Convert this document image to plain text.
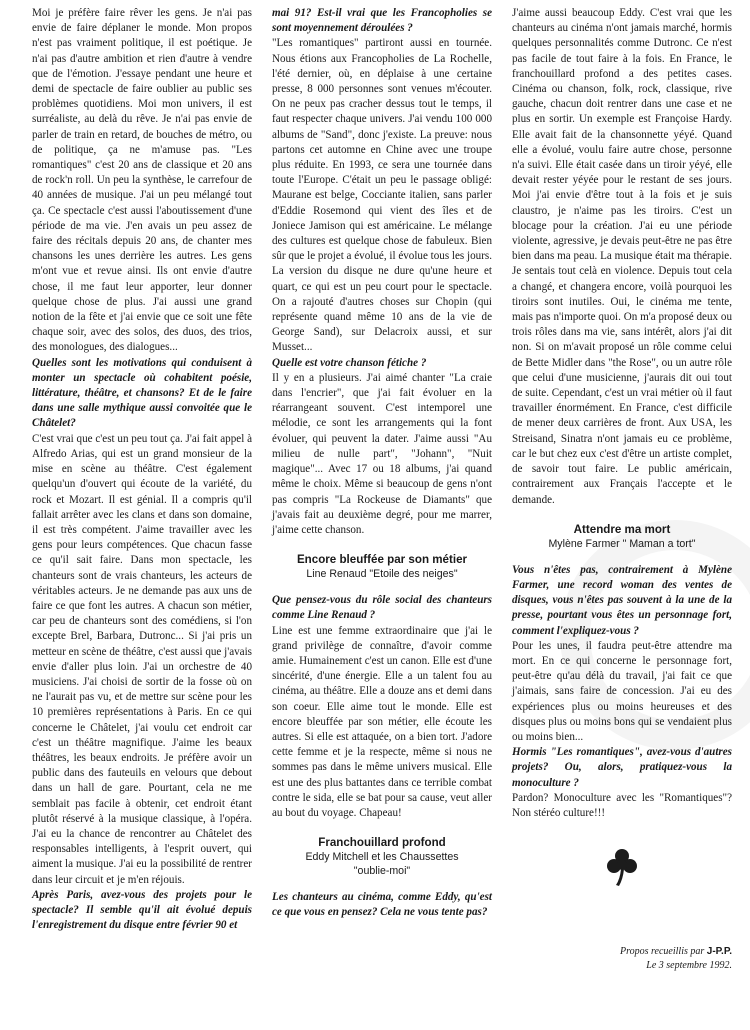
Moi je préfère faire rêver les gens. Je n'ai pas envie de faire déplaner le monde. Mon propos n'est pas vraiment politique, il est poétique. Je n'ai pas d'autre ambition et rien d'autre à vendre que de l'émotion. J'essaye pendant une heure et demi de spectacle de faire oublier au public ses problèmes quotidiens. Moi mon univers, il est surréaliste, au delà du rêve. Je n'ai pas envie de parler de train en retard, de bouches de métro, ou de politique, ça ne m'amuse pas. "Les romantiques" c'est 20 ans de classique et 20 ans de rock'n roll. Un peu la synthèse, le carrefour de 40 années de musique. J'ai un peu mélangé tout ça. Ce spectacle c'est aussi l'aboutissement d'une période de ma vie. J'en avais un peu assez de faire des récitals depuis 20 ans, de chanter mes chansons les unes derrière les autres. Les gens m'ont vue et revue ainsi. Ils ont envie d'autre chose, il me faut leur apporter, leur donner quelque chose de plus. J'ai aussi une grand notion de la fête et j'ai envie que ce soit une fête chaque soir, avec des solos, des duos, des trios, des monologues, des dialogues...

Quelles sont les motivations qui conduisent à monter un spectacle où cohabitent poésie, littérature, théâtre, et chansons? Et de le faire dans une salle mythique aussi convoitée que le Châtelet?

C'est vrai que c'est un peu tout ça. J'ai fait appel à Alfredo Arias, qui est un grand monsieur de la mise en scène au théâtre. C'est également quelqu'un d'ouvert qui écoute de la variété, du rock et Mozart. Il est génial. Il a compris qu'il fallait arrêter avec les clans et dans son domaine, il est très compétent. J'aime travailler avec les gens pour leurs compétences. Que chacun fasse ce qu'il sait faire. Dans mon spectacle, les chanteurs sont de vrais chanteurs, les acteurs de véritables acteurs. Je ne demande pas aux uns de faire ce que font les autres. A chacun son métier, car peu de chanteurs sont des comédiens, si l'on excepte Brel, Barbara, Dutronc... Si j'ai pris un metteur en scène de théâtre, c'est aussi que j'avais envie d'aller plus loin. J'ai un orchestre de 40 musiciens. J'ai choisi de sortir de la fosse où on ne l'aurait pas vu, et de mettre sur scène pour les 10 premières représentations à Paris. En ce qui concerne le Châtelet, j'ai voulu cet endroit car c'est un théâtre magnifique. J'aime les beaux théâtres, les beaux endroits. Je préfère avoir un public dans des fauteuils en velours que debout dans un hall de gare. Pourtant, cela ne me semblait pas facile à obtenir, cet endroit étant plutôt réservé à la musique classique, à l'opéra. J'ai eu la chance de rencontrer au Châtelet des responsables intelligents, à l'esprit ouvert, qui aiment la musique. J'ai eu la possibilité de rentrer dans leur circuit et je m'en réjouis.

Après Paris, avez-vous des projets pour le spectacle? Il semble qu'il ait évolué depuis l'enregistrement du disque entre février 90 et

mai 91? Est-il vrai que les Francopholies se sont moyennement déroulées ?

"Les romantiques" partiront aussi en tournée. Nous étions aux Francopholies de La Rochelle, l'été dernier, où, en déplaise à une certaine presse, 8 000 personnes sont venues m'écouter. On ne peux pas cracher dessus tout le temps, il faut respecter chaque univers. J'ai vendu 100 000 albums de "Sand", donc j'existe. La preuve: nous partons cet automne en Chine avec une troupe plus réduite. En 1993, ce sera une tournée dans toute l'Europe. C'était un peu le passage obligé: Maurane est belge, Cocciante italien, sans parler d'Eddie Rosemond qui vient des îles et de Joniece Jamison qui est américaine. Le mélange des cultures est quelque chose de fabuleux. Bien sûr que le projet a évolué, il évolue tous les jours. La version du disque ne dure qu'une heure et quart, ce qui est un peu court pour le spectacle. On a rajouté d'autres choses sur Chopin (qui représente quand même 10 ans de la vie de George Sand), sur Delacroix aussi, et sur Musset...

Quelle est votre chanson fétiche ?

Il y en a plusieurs. J'ai aimé chanter "La craie dans l'encrier", que j'ai fait évoluer en la réarrangeant souvent. C'est intemporel une mélodie, ce sont les arrangements qui la font évoluer, qui peuvent la dater. J'aime aussi "Au milieu de nulle part", "Johann", "Nuit magique"... Avec 17 ou 18 albums, j'ai quand même le choix. Même si beaucoup de gens n'ont pas compris "La Rockeuse de Diamants" que j'avais fait au deuxième degré, pour me marrer, j'aime cette chanson.

Encore bleuffée par son métier
Line Renaud "Etoile des neiges"

Que pensez-vous du rôle social des chanteurs comme Line Renaud ?

Line est une femme extraordinaire que j'ai le grand privilège de connaître, d'avoir comme amie. Humainement c'est un canon. Elle est d'une sincérité, d'une énergie. Elle a un talent fou au cinéma, au théâtre. Elle a douze ans et demi dans son coeur. Elle aime tout le monde. Elle est encore bleuffée par son métier, elle écoute les autres. Si elle est attaquée, on a bien tort. J'adore cette femme et je la respecte, même si nous ne sommes pas dans le même univers musical. Elle est une des plus battantes dans ce terrible combat contre le sida, elle se bat pour sa cause, veut aller au bout du voyage. Chapeau!

Franchouillard profond
Eddy Mitchell et les Chaussettes
"oublie-moi"

Les chanteurs au cinéma, comme Eddy, qu'est ce que vous en pensez? Cela ne vous tente pas?

J'aime aussi beaucoup Eddy. C'est vrai que les chanteurs au cinéma n'ont jamais marché, hormis quelques personnalités comme Dutronc. Ce n'est pas facile de tout faire à la fois. En France, le franchouillard profond a des petites cases. Cinéma ou chanson, folk, rock, classique, rive gauche, chacun doit rentrer dans une case et ne plus en sortir. Un exemple est Françoise Hardy. Elle avait fait de la chansonnette yéyé. Quand elle a évolué, voulu faire autre chose, personne n'a suivi. Elle était casée dans un tiroir yéyé, elle devait rester yéyée pour le restant de ses jours. Moi j'ai envie d'être tout à la fois et je suis claustro, je n'aime pas les tiroirs. C'est un blocage pour la création. J'ai eu une période violente, agressive, je devais peut-être ne pas être bien dans ma peau. La musique était ma thérapie. Je sentais tout celà en violence. Depuis tout cela a changé, et changera encore, voilà pourquoi les tiroirs sont inutiles. Oui, le cinéma me tente, mais pas n'importe quoi. On m'a proposé deux ou trois rôles dans ma vie, sans intérêt, alors j'ai dit non. Si on m'avait proposé un rôle comme celui de Bette Midler dans "the Rose", ou un autre rôle que celui d'une musicienne, j'aurais dit oui tout de suite. Cependant, c'est un vrai métier où il faut travailler énormément. En France, c'est difficile de mener deux carrières de front. Aux USA, les Streisand, Sinatra n'ont jamais eu ce problème, car le but chez eux c'est d'être un artiste complet, de savoir tout faire. Le public américain, contrairement aux Français l'accepte et le demande.

Attendre ma mort
Mylène Farmer " Maman a tort"

Vous n'êtes pas, contrairement à Mylène Farmer, une record woman des ventes de disques, vous n'êtes pas souvent à la une de la presse, pourtant vous êtes un personnage fort, comment l'expliquez-vous ?

Pour les unes, il faudra peut-être attendre ma mort. En ce qui concerne le personnage fort, peut-être qu'au délà du travail, j'ai fait ce que j'aimais, sans faire de concession. J'ai eu des expériences plus ou moins heureuses et des disques plus ou moins bons qui se vendaient plus ou moins bien...

Hormis "Les romantiques", avez-vous d'autres projets? Ou, alors, pratiquez-vous la monoculture ?

Pardon? Monoculture avec les "Romantiques"? Non stéréo culture!!!

Propos recueillis par J-P.P.
Le 3 septembre 1992.
